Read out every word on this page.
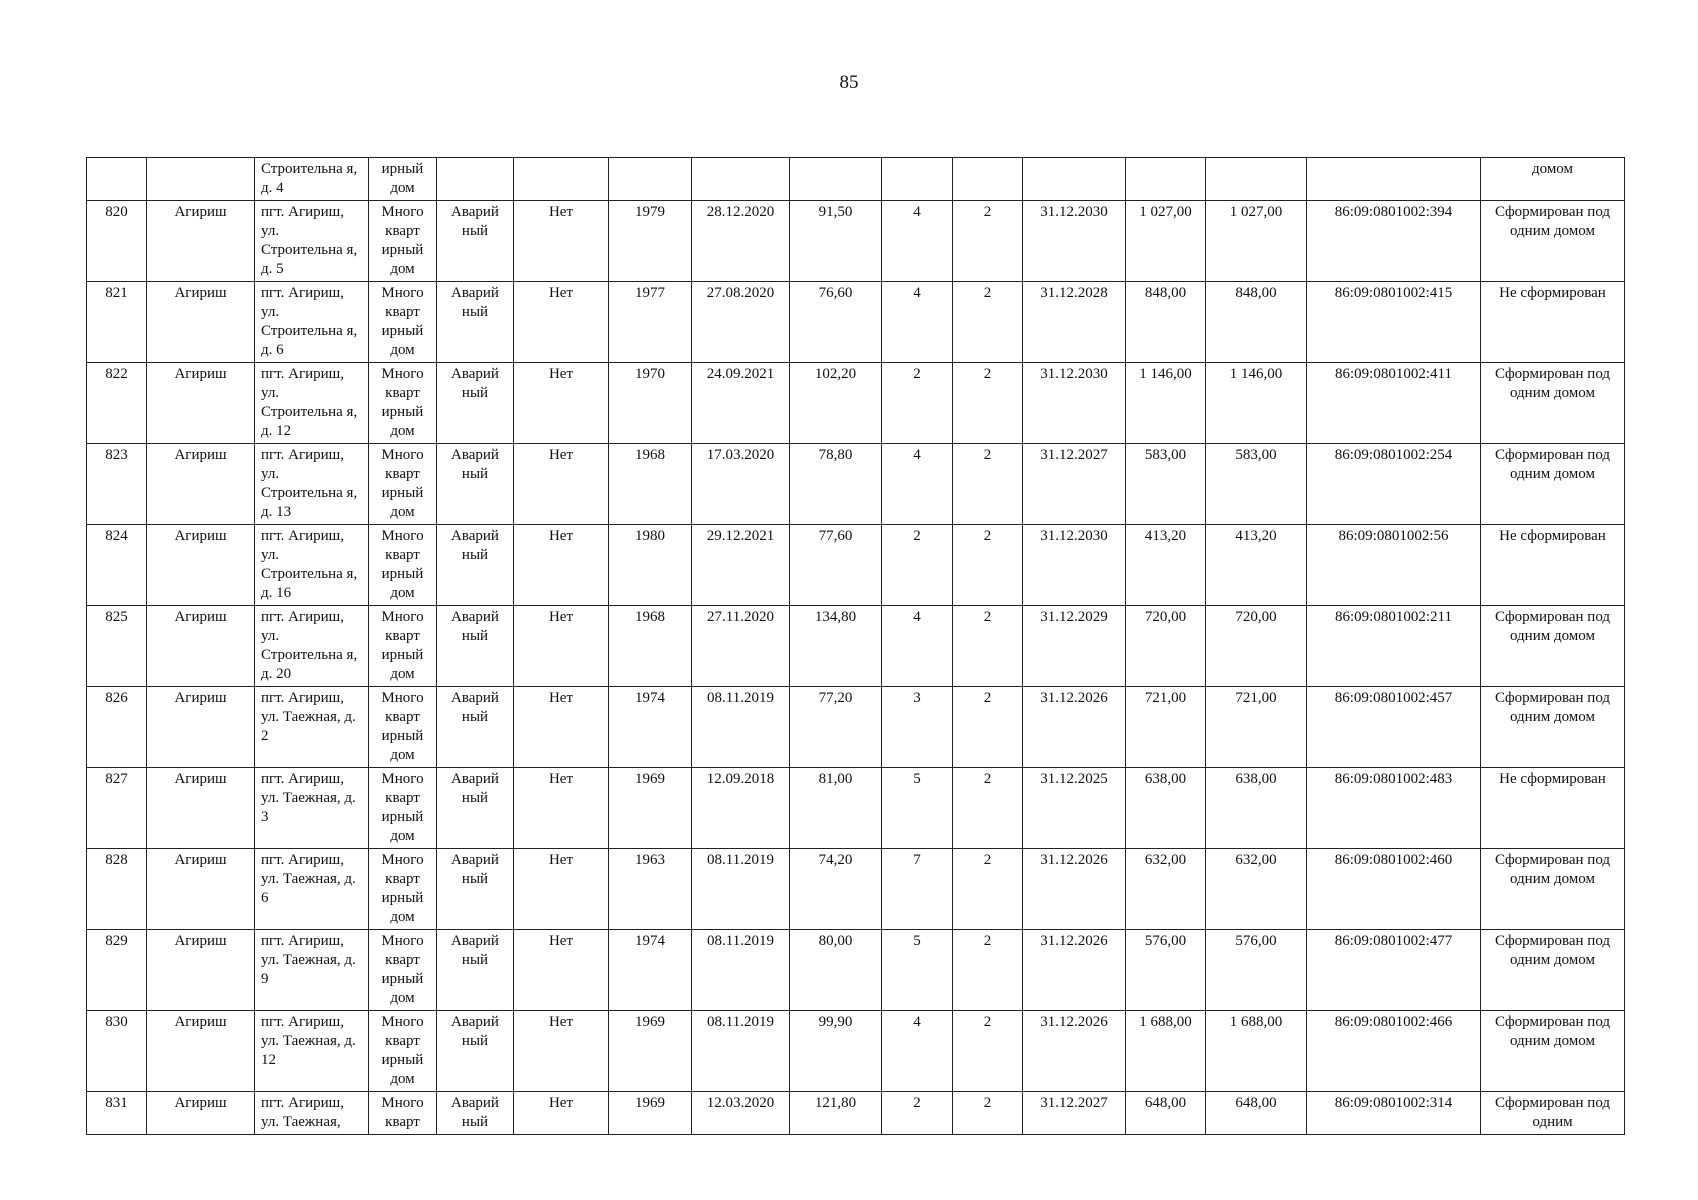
85
		Строительна я, д. 4	ирный дом												домом
820	Агириш	пгт. Агириш, ул. Строительна я, д. 5	Много кварт ирный дом	Аварий ный	Нет	1979	28.12.2020	91,50	4	2	31.12.2030	1 027,00	1 027,00	86:09:0801002:394	Сформирован под одним домом
821	Агириш	пгт. Агириш, ул. Строительна я, д. 6	Много кварт ирный дом	Аварий ный	Нет	1977	27.08.2020	76,60	4	2	31.12.2028	848,00	848,00	86:09:0801002:415	Не сформирован
822	Агириш	пгт. Агириш, ул. Строительна я, д. 12	Много кварт ирный дом	Аварий ный	Нет	1970	24.09.2021	102,20	2	2	31.12.2030	1 146,00	1 146,00	86:09:0801002:411	Сформирован под одним домом
823	Агириш	пгт. Агириш, ул. Строительна я, д. 13	Много кварт ирный дом	Аварий ный	Нет	1968	17.03.2020	78,80	4	2	31.12.2027	583,00	583,00	86:09:0801002:254	Сформирован под одним домом
824	Агириш	пгт. Агириш, ул. Строительна я, д. 16	Много кварт ирный дом	Аварий ный	Нет	1980	29.12.2021	77,60	2	2	31.12.2030	413,20	413,20	86:09:0801002:56	Не сформирован
825	Агириш	пгт. Агириш, ул. Строительна я, д. 20	Много кварт ирный дом	Аварий ный	Нет	1968	27.11.2020	134,80	4	2	31.12.2029	720,00	720,00	86:09:0801002:211	Сформирован под одним домом
826	Агириш	пгт. Агириш, ул. Таежная, д. 2	Много кварт ирный дом	Аварий ный	Нет	1974	08.11.2019	77,20	3	2	31.12.2026	721,00	721,00	86:09:0801002:457	Сформирован под одним домом
827	Агириш	пгт. Агириш, ул. Таежная, д. 3	Много кварт ирный дом	Аварий ный	Нет	1969	12.09.2018	81,00	5	2	31.12.2025	638,00	638,00	86:09:0801002:483	Не сформирован
828	Агириш	пгт. Агириш, ул. Таежная, д. 6	Много кварт ирный дом	Аварий ный	Нет	1963	08.11.2019	74,20	7	2	31.12.2026	632,00	632,00	86:09:0801002:460	Сформирован под одним домом
829	Агириш	пгт. Агириш, ул. Таежная, д. 9	Много кварт ирный дом	Аварий ный	Нет	1974	08.11.2019	80,00	5	2	31.12.2026	576,00	576,00	86:09:0801002:477	Сформирован под одним домом
830	Агириш	пгт. Агириш, ул. Таежная, д. 12	Много кварт ирный дом	Аварий ный	Нет	1969	08.11.2019	99,90	4	2	31.12.2026	1 688,00	1 688,00	86:09:0801002:466	Сформирован под одним домом
831	Агириш	пгт. Агириш, ул. Таежная,	Много кварт	Аварий ный	Нет	1969	12.03.2020	121,80	2	2	31.12.2027	648,00	648,00	86:09:0801002:314	Сформирован под одним
